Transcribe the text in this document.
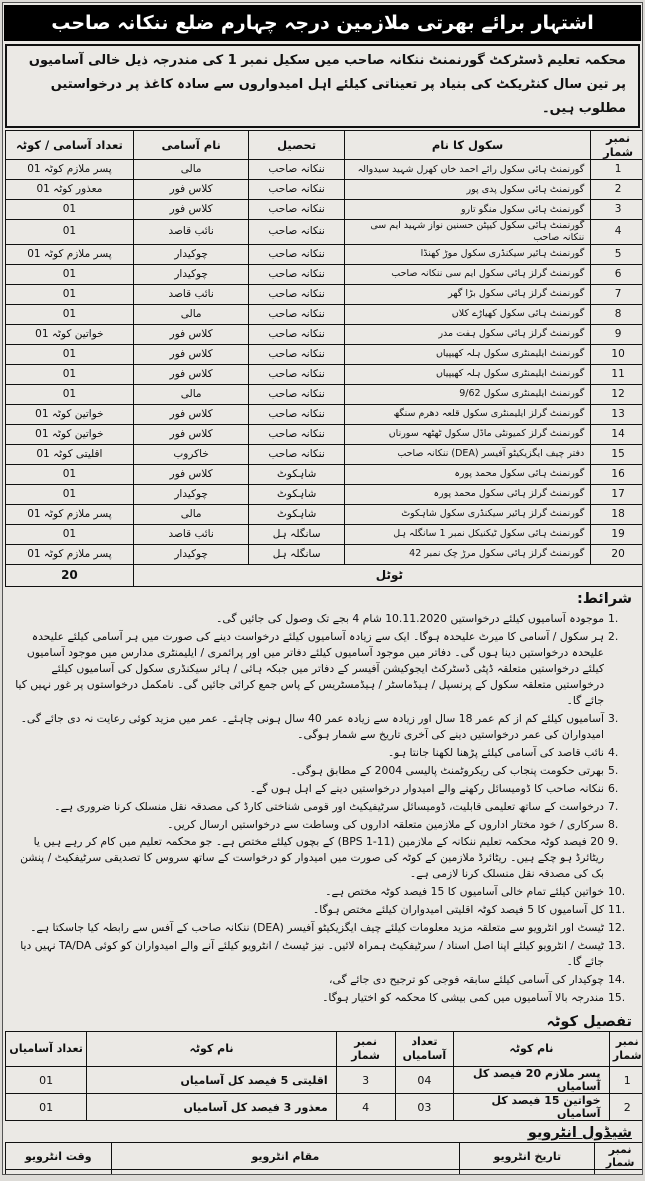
اشتہار برائے بھرتی ملازمین درجہ چہارم ضلع ننکانہ صاحب
محکمہ تعلیم ڈسٹرکٹ گورنمنٹ ننکانہ صاحب میں سکیل نمبر 1 کی مندرجہ ذیل خالی آسامیوں پر تین سال کنٹریکٹ کی بنیاد پر تعیناتی کیلئے اہل امیدواروں سے سادہ کاغذ پر درخواستیں مطلوب ہیں۔
نمبر شمار	سکول کا نام	تحصیل	نام آسامی	تعداد آسامی / کوٹہ
1	گورنمنٹ ہائی سکول رائے احمد خاں کھرل شہید سیدوالہ	ننکانہ صاحب	مالی	پسر ملازم کوٹہ 01
2	گورنمنٹ ہائی سکول پدی پور	ننکانہ صاحب	کلاس فور	معذور کوٹہ 01
3	گورنمنٹ ہائی سکول منگو تارو	ننکانہ صاحب	کلاس فور	01
4	گورنمنٹ ہائی سکول کیپٹن حسنین نواز شہید ایم سی ننکانہ صاحب	ننکانہ صاحب	نائب قاصد	01
5	گورنمنٹ ہائیر سیکنڈری سکول موڑ کھنڈا	ننکانہ صاحب	چوکیدار	پسر ملازم کوٹہ 01
6	گورنمنٹ گرلز ہائی سکول ایم سی ننکانہ صاحب	ننکانہ صاحب	چوکیدار	01
7	گورنمنٹ گرلز ہائی سکول بڑا گھر	ننکانہ صاحب	نائب قاصد	01
8	گورنمنٹ ہائی سکول کھیاڑے کلاں	ننکانہ صاحب	مالی	01
9	گورنمنٹ گرلز ہائی سکول ہفت مدر	ننکانہ صاحب	کلاس فور	خواتین کوٹہ 01
10	گورنمنٹ ایلیمنٹری سکول ہلہ کھیپیاں	ننکانہ صاحب	کلاس فور	01
11	گورنمنٹ ایلیمنٹری سکول ہلہ کھیپیاں	ننکانہ صاحب	کلاس فور	01
12	گورنمنٹ ایلیمنٹری سکول 9/62	ننکانہ صاحب	مالی	01
13	گورنمنٹ گرلز ایلیمنٹری سکول قلعہ دھرم سنگھ	ننکانہ صاحب	کلاس فور	خواتین کوٹہ 01
14	گورنمنٹ گرلز کمیونٹی ماڈل سکول ٹھٹھہ سورناں	ننکانہ صاحب	کلاس فور	خواتین کوٹہ 01
15	دفتر چیف ایگزیکیٹو آفیسر (DEA) ننکانہ صاحب	ننکانہ صاحب	خاکروب	اقلیتی کوٹہ 01
16	گورنمنٹ ہائی سکول محمد پورہ	شاہکوٹ	کلاس فور	01
17	گورنمنٹ گرلز ہائی سکول محمد پورہ	شاہکوٹ	چوکیدار	01
18	گورنمنٹ گرلز ہائیر سیکنڈری سکول شاہکوٹ	شاہکوٹ	مالی	پسر ملازم کوٹہ 01
19	گورنمنٹ ہائی سکول ٹیکنیکل نمبر 1 سانگلہ ہل	سانگلہ ہل	نائب قاصد	01
20	گورنمنٹ گرلز ہائی سکول مرڑ چک نمبر 42	سانگلہ ہل	چوکیدار	پسر ملازم کوٹہ 01
ٹوٹل				20
شرائط:
1.
موجودہ آسامیوں کیلئے درخواستیں 10.11.2020 شام 4 بجے تک وصول کی جائیں گی۔
2.
ہر سکول / آسامی کا میرٹ علیحدہ ہوگا۔ ایک سے زیادہ آسامیوں کیلئے درخواست دینے کی صورت میں ہر آسامی کیلئے علیحدہ علیحدہ درخواستیں دینا ہوں گی۔ دفاتر میں موجود آسامیوں کیلئے دفاتر میں اور پرائمری / ایلیمنٹری مدارس میں موجود آسامیوں کیلئے درخواستیں متعلقہ ڈپٹی ڈسٹرکٹ ایجوکیشن آفیسر کے دفاتر میں جبکہ ہائی / ہائر سیکنڈری سکول کی آسامیوں کیلئے درخواستیں متعلقہ سکول کے پرنسپل / ہیڈماسٹر / ہیڈمسٹریس کے پاس جمع کرائی جائیں گی۔ نامکمل درخواستوں پر غور نہیں کیا جائے گا۔
3.
آسامیوں کیلئے کم از کم عمر 18 سال اور زیادہ سے زیادہ عمر 40 سال ہونی چاہئے۔ عمر میں مزید کوئی رعایت نہ دی جائے گی۔ امیدواران کی عمر درخواستیں دینے کی آخری تاریخ سے شمار ہوگی۔
4.
نائب قاصد کی آسامی کیلئے پڑھنا لکھنا جانتا ہو۔
5.
بھرتی حکومت پنجاب کی ریکروٹمنٹ پالیسی 2004 کے مطابق ہوگی۔
6.
ننکانہ صاحب کا ڈومیسائل رکھنے والے امیدوار درخواستیں دینے کے اہل ہوں گے۔
7.
درخواست کے ساتھ تعلیمی قابلیت، ڈومیسائل سرٹیفیکیٹ اور قومی شناختی کارڈ کی مصدقہ نقل منسلک کرنا ضروری ہے۔
8.
سرکاری / خود مختار اداروں کے ملازمین متعلقہ اداروں کی وساطت سے درخواستیں ارسال کریں۔
9.
20 فیصد کوٹہ محکمہ تعلیم ننکانہ کے ملازمین (BPS 1-11) کے بچوں کیلئے مختص ہے۔ جو محکمہ تعلیم میں کام کر رہے ہیں یا ریٹائرڈ ہو چکے ہیں۔ ریٹائرڈ ملازمین کے کوٹہ کی صورت میں امیدوار کو درخواست کے ساتھ سروس کا تصدیقی سرٹیفکیٹ / پنشن بک کی مصدقہ نقل منسلک کرنا لازمی ہے۔
10.
خواتین کیلئے تمام خالی آسامیوں کا 15 فیصد کوٹہ مختص ہے۔
11.
کل آسامیوں کا 5 فیصد کوٹہ اقلیتی امیدواران کیلئے مختص ہوگا۔
12.
ٹیسٹ اور انٹرویو سے متعلقہ مزید معلومات کیلئے چیف ایگزیکیٹو آفیسر (DEA) ننکانہ صاحب کے آفس سے رابطہ کیا جاسکتا ہے۔
13.
ٹیسٹ / انٹرویو کیلئے اپنا اصل اسناد / سرٹیفکیٹ ہمراہ لائیں۔ نیز ٹیسٹ / انٹرویو کیلئے آنے والے امیدواران کو کوئی TA/DA نہیں دیا جائے گا۔
14.
چوکیدار کی آسامی کیلئے سابقہ فوجی کو ترجیح دی جائے گی،
15.
مندرجہ بالا آسامیوں میں کمی بیشی کا محکمہ کو اختیار ہوگا۔
تفصیل کوٹہ
نمبر شمار	نام کوٹہ	تعداد آسامیاں	نمبر شمار	نام کوٹہ	تعداد آسامیاں
1	پسر ملازم 20 فیصد کل آسامیاں	04	3	اقلیتی 5 فیصد کل آسامیاں	01
2	خواتین 15 فیصد کل آسامیاں	03	4	معذور 3 فیصد کل آسامیاں	01
شیڈول انٹرویو
نمبر شمار	تاریخ انٹرویو	مقام انٹرویو	وقت انٹرویو
